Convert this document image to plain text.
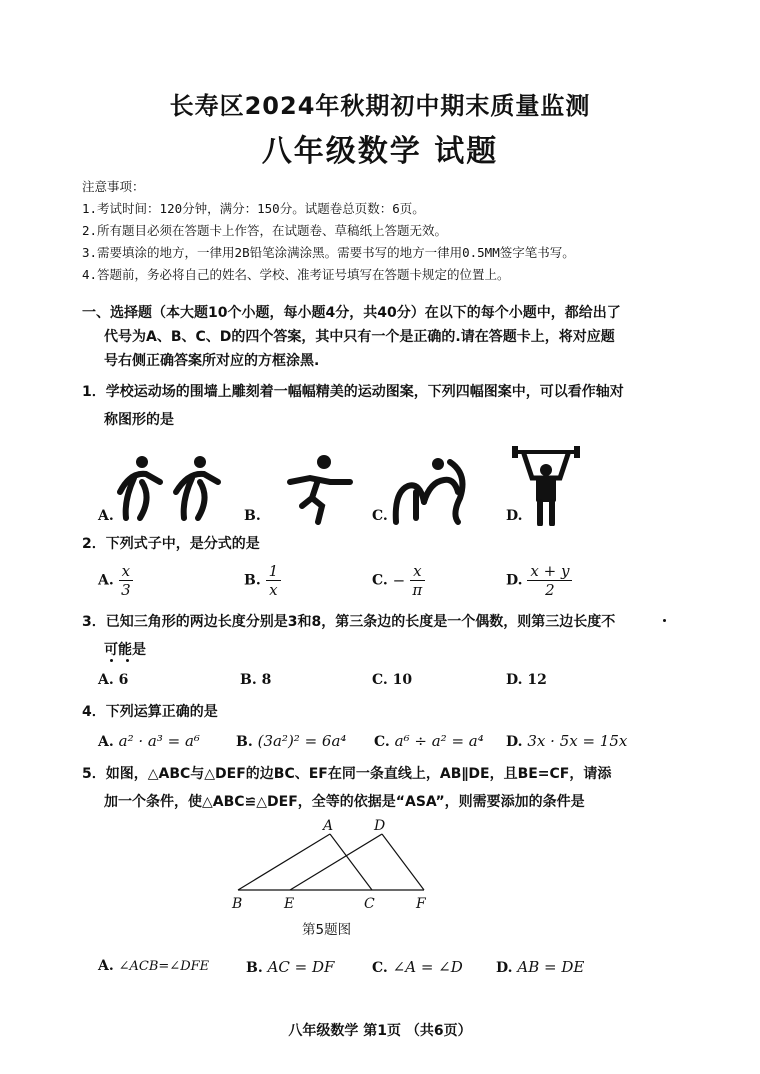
长寿区2024年秋期初中期末质量监测
八年级数学 试题
注意事项：
1.考试时间：120分钟，满分：150分。试题卷总页数：6页。
2.所有题目必须在答题卡上作答，在试题卷、草稿纸上答题无效。
3.需要填涂的地方，一律用2B铅笔涂满涂黑。需要书写的地方一律用0.5MM签字笔书写。
4.答题前，务必将自己的姓名、学校、准考证号填写在答题卡规定的位置上。
一、选择题（本大题10个小题，每小题4分，共40分）在以下的每个小题中，都给出了
代号为A、B、C、D的四个答案，其中只有一个是正确的.请在答题卡上，将对应题
号右侧正确答案所对应的方框涂黑.
1．学校运动场的围墙上雕刻着一幅幅精美的运动图案，下列四幅图案中，可以看作轴对
称图形的是
A.	B.	C.	D.
2．下列式子中，是分式的是
A. $\frac{x}{3}$	B. $\frac{1}{x}$	C. − $\frac{x}{\pi}$	D. $\frac{x + y}{2}$
3．已知三角形的两边长度分别是3和8，第三条边的长度是一个偶数，则第三边长度不
可能是
A. 6	B. 8	C. 10	D. 12
4．下列运算正确的是
A. a² · a³ = a⁶	B. (3a²)² = 6a⁴ C. a⁶ ÷ a² = a⁴ D. 3x · 5x = 15x
5．如图，△ABC与△DEF的边BC、EF在同一条直线上，AB∥DE，且BE=CF，请添
加一个条件，使△ABC≌△DEF，全等的依据是“ASA”，则需要添加的条件是
A	D
B	E	C	F
第5题图
A. ∠ACB=∠DFE	B. AC = DF	C. ∠A = ∠D D. AB = DE
八年级数学 第1页 （共6页）
